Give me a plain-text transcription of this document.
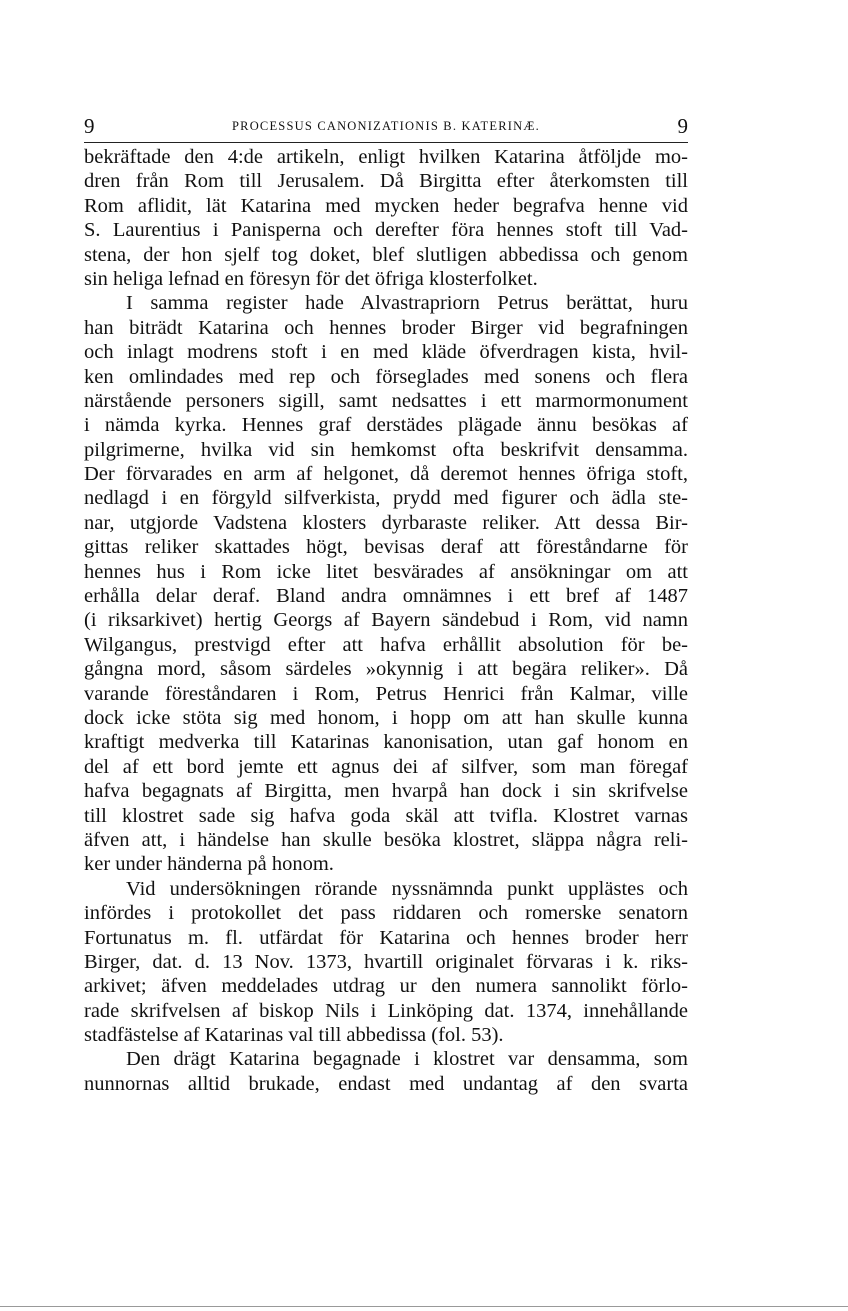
9	PROCESSUS CANONIZATIONIS B. KATERINÆ.	9
bekräftade den 4:de artikeln, enligt hvilken Katarina åtföljde mo-
dren från Rom till Jerusalem. Då Birgitta efter återkomsten till
Rom aflidit, lät Katarina med mycken heder begrafva henne vid
S. Laurentius i Panisperna och derefter föra hennes stoft till Vad-
stena, der hon sjelf tog doket, blef slutligen abbedissa och genom
sin heliga lefnad en föresyn för det öfriga klosterfolket.
I samma register hade Alvastrapriorn Petrus berättat, huru
han biträdt Katarina och hennes broder Birger vid begrafningen
och inlagt modrens stoft i en med kläde öfverdragen kista, hvil-
ken omlindades med rep och förseglades med sonens och flera
närstående personers sigill, samt nedsattes i ett marmormonument
i nämda kyrka. Hennes graf derstädes plägade ännu besökas af
pilgrimerne, hvilka vid sin hemkomst ofta beskrifvit densamma.
Der förvarades en arm af helgonet, då deremot hennes öfriga stoft,
nedlagd i en förgyld silfverkista, prydd med figurer och ädla ste-
nar, utgjorde Vadstena klosters dyrbaraste reliker. Att dessa Bir-
gittas reliker skattades högt, bevisas deraf att föreståndarne för
hennes hus i Rom icke litet besvärades af ansökningar om att
erhålla delar deraf. Bland andra omnämnes i ett bref af 1487
(i riksarkivet) hertig Georgs af Bayern sändebud i Rom, vid namn
Wilgangus, prestvigd efter att hafva erhållit absolution för be-
gångna mord, såsom särdeles »okynnig i att begära reliker». Då
varande föreståndaren i Rom, Petrus Henrici från Kalmar, ville
dock icke stöta sig med honom, i hopp om att han skulle kunna
kraftigt medverka till Katarinas kanonisation, utan gaf honom en
del af ett bord jemte ett agnus dei af silfver, som man föregaf
hafva begagnats af Birgitta, men hvarpå han dock i sin skrifvelse
till klostret sade sig hafva goda skäl att tvifla. Klostret varnas
äfven att, i händelse han skulle besöka klostret, släppa några reli-
ker under händerna på honom.
Vid undersökningen rörande nyssnämnda punkt upplästes och
infördes i protokollet det pass riddaren och romerske senatorn
Fortunatus m. fl. utfärdat för Katarina och hennes broder herr
Birger, dat. d. 13 Nov. 1373, hvartill originalet förvaras i k. riks-
arkivet; äfven meddelades utdrag ur den numera sannolikt förlo-
rade skrifvelsen af biskop Nils i Linköping dat. 1374, innehållande
stadfästelse af Katarinas val till abbedissa (fol. 53).
Den drägt Katarina begagnade i klostret var densamma, som
nunnornas alltid brukade, endast med undantag af den svarta
